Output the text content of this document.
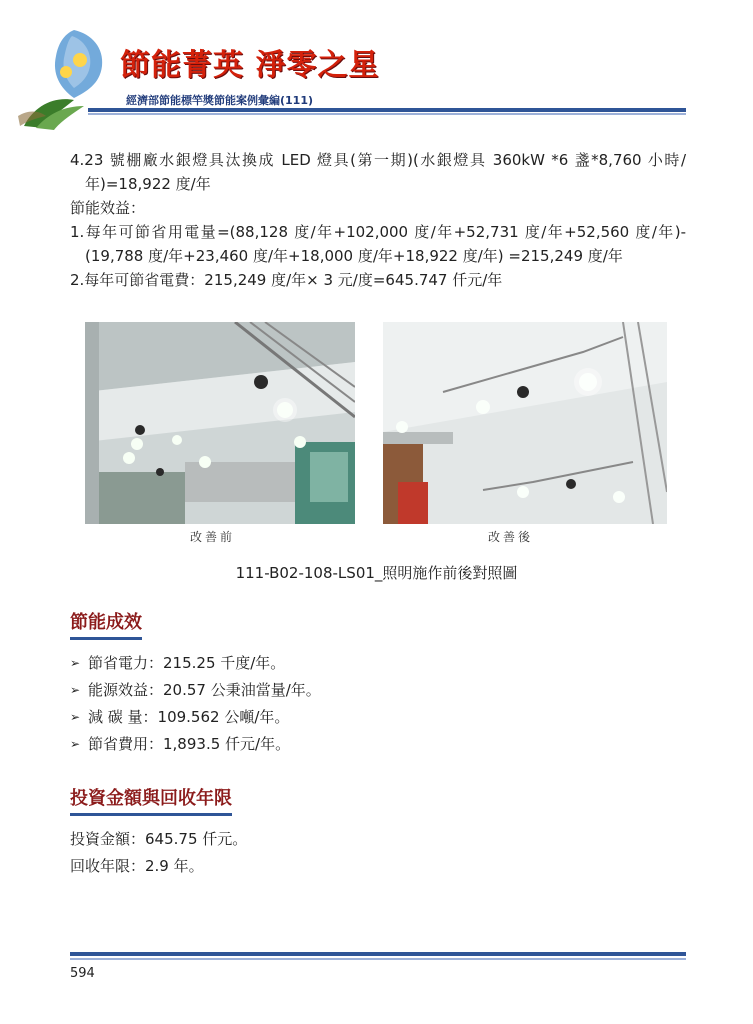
節能菁英 淨零之星
經濟部節能標竿獎節能案例彙編(111)

4.23 號棚廠水銀燈具汰換成 LED 燈具(第一期)(水銀燈具 360kW *6 盞*8,760 小時/

年)=18,922 度/年

節能效益：

1.每年可節省用電量=(88,128 度/年+102,000 度/年+52,731 度/年+52,560 度/年)-

(19,788 度/年+23,460 度/年+18,000 度/年+18,922 度/年) =215,249 度/年

2.每年可節省電費：215,249 度/年× 3 元/度=645.747 仟元/年

改善前	改善後
111-B02-108-LS01_照明施作前後對照圖
節能成效
➢ 節省電力：215.25 千度/年。
➢ 能源效益：20.57 公秉油當量/年。
➢ 減 碳 量：109.562 公噸/年。
➢ 節省費用：1,893.5 仟元/年。
投資金額與回收年限

投資金額：645.75 仟元。

回收年限：2.9 年。

594
